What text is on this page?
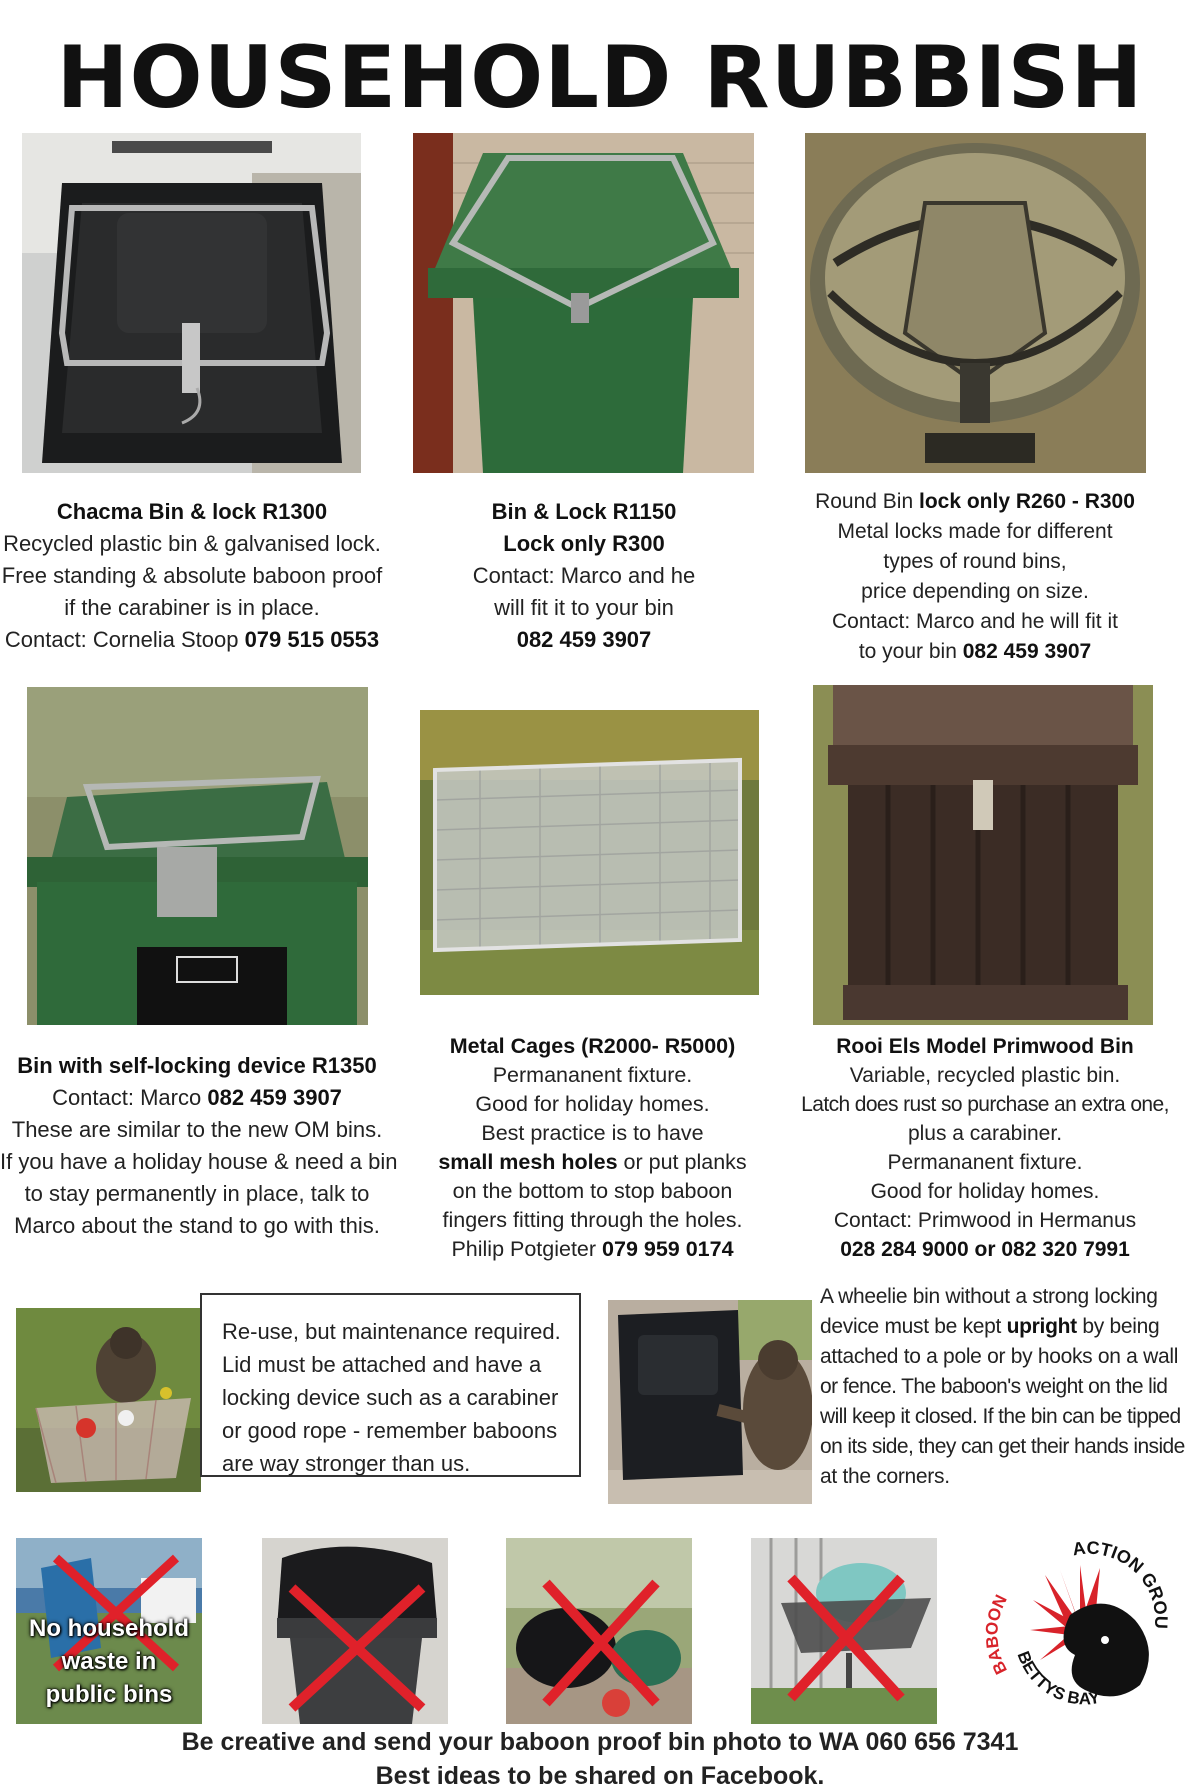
HOUSEHOLD RUBBISH
Chacma Bin & lock R1300
Recycled plastic bin & galvanised lock.
Free standing & absolute baboon proof
if the carabiner is in place.
Contact: Cornelia Stoop 079 515 0553
Bin & Lock R1150
Lock only R300
Contact: Marco and he
will fit it to your bin
082 459 3907
Round Bin lock only R260 - R300
Metal locks made for different
types of round bins,
price depending on size.
Contact: Marco and he will fit it
to your bin 082 459 3907
Bin with self-locking device R1350
Contact: Marco 082 459 3907
These are similar to the new OM bins.
If you have a holiday house & need a bin
to stay permanently in place, talk to
Marco about the stand to go with this.
Metal Cages (R2000- R5000)
Permananent fixture.
Good for holiday homes.
Best practice is to have
small mesh holes or put planks
on the bottom to stop baboon
fingers fitting through the holes.
Philip Potgieter 079 959 0174
Rooi Els Model Primwood Bin
Variable, recycled plastic bin.
Latch does rust so purchase an extra one,
plus a carabiner.
Permananent fixture.
Good for holiday homes.
Contact: Primwood in Hermanus
028 284 9000 or 082 320 7991
Re-use, but maintenance required.
Lid must be attached and have a
locking device such as a carabiner
or good rope - remember baboons
are way stronger than us.
A wheelie bin without a strong locking
device must be kept upright by being
attached to a pole or by hooks on a wall
or fence. The baboon's weight on the lid
will keep it closed. If the bin can be tipped
on its side, they can get their hands inside
at the corners.
No household
waste in
public bins
ACTION GROU
BA ON
BETTYS BAY
Be creative and send your baboon proof bin photo to WA 060 656 7341
Best ideas to be shared on Facebook.
